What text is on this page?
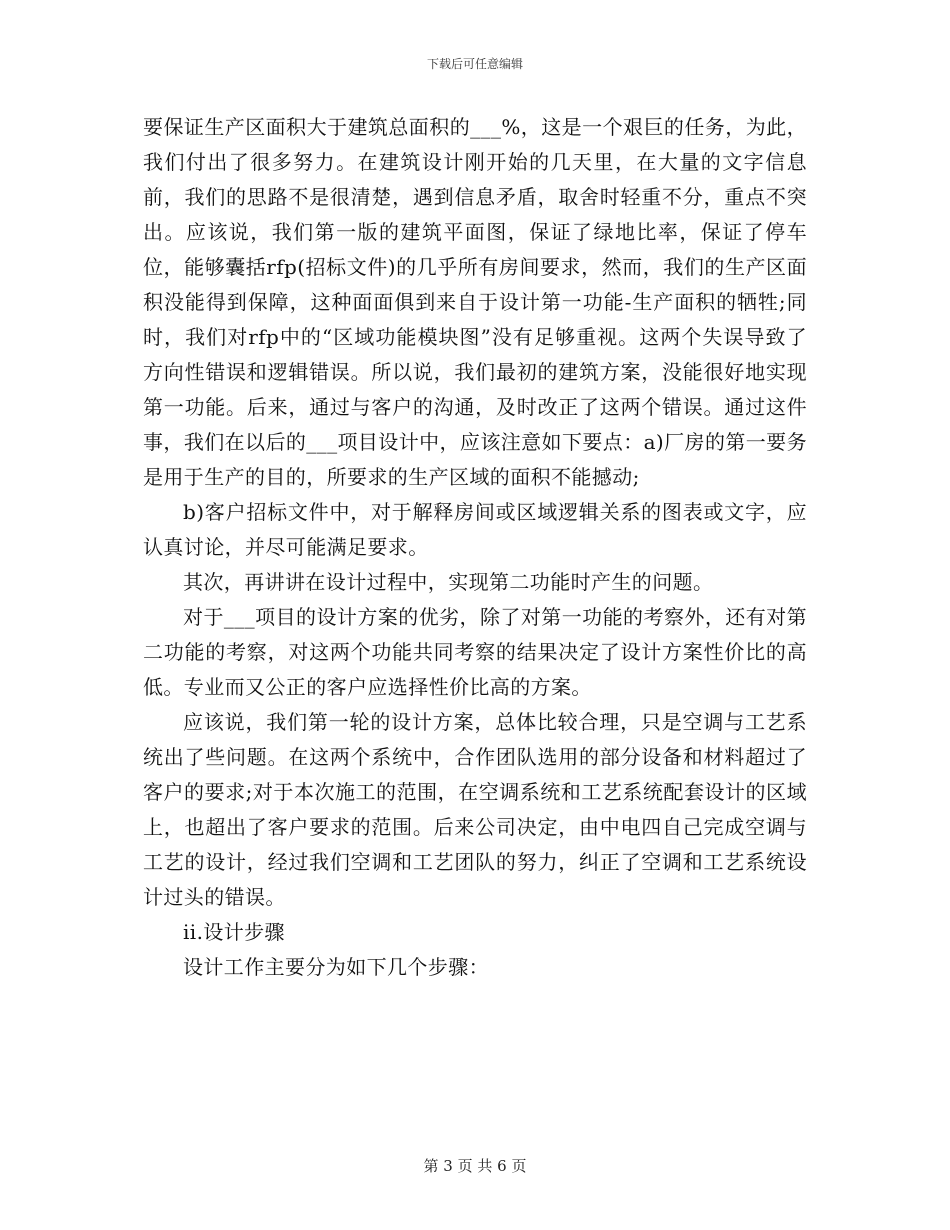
下载后可任意编辑

要保证生产区面积大于建筑总面积的___%，这是一个艰巨的任务，为此，我们付出了很多努力。在建筑设计刚开始的几天里，在大量的文字信息前，我们的思路不是很清楚，遇到信息矛盾，取舍时轻重不分，重点不突出。应该说，我们第一版的建筑平面图，保证了绿地比率，保证了停车位，能够囊括rfp(招标文件)的几乎所有房间要求，然而，我们的生产区面积没能得到保障，这种面面俱到来自于设计第一功能-生产面积的牺牲;同时，我们对rfp中的“区域功能模块图”没有足够重视。这两个失误导致了方向性错误和逻辑错误。所以说，我们最初的建筑方案，没能很好地实现第一功能。后来，通过与客户的沟通，及时改正了这两个错误。通过这件事，我们在以后的___项目设计中，应该注意如下要点：a)厂房的第一要务是用于生产的目的，所要求的生产区域的面积不能撼动;

b)客户招标文件中，对于解释房间或区域逻辑关系的图表或文字，应认真讨论，并尽可能满足要求。

其次，再讲讲在设计过程中，实现第二功能时产生的问题。

对于___项目的设计方案的优劣，除了对第一功能的考察外，还有对第二功能的考察，对这两个功能共同考察的结果决定了设计方案性价比的高低。专业而又公正的客户应选择性价比高的方案。

应该说，我们第一轮的设计方案，总体比较合理，只是空调与工艺系统出了些问题。在这两个系统中，合作团队选用的部分设备和材料超过了客户的要求;对于本次施工的范围，在空调系统和工艺系统配套设计的区域上，也超出了客户要求的范围。后来公司决定，由中电四自己完成空调与工艺的设计，经过我们空调和工艺团队的努力，纠正了空调和工艺系统设计过头的错误。

ii.设计步骤

设计工作主要分为如下几个步骤：

第 3 页 共 6 页
